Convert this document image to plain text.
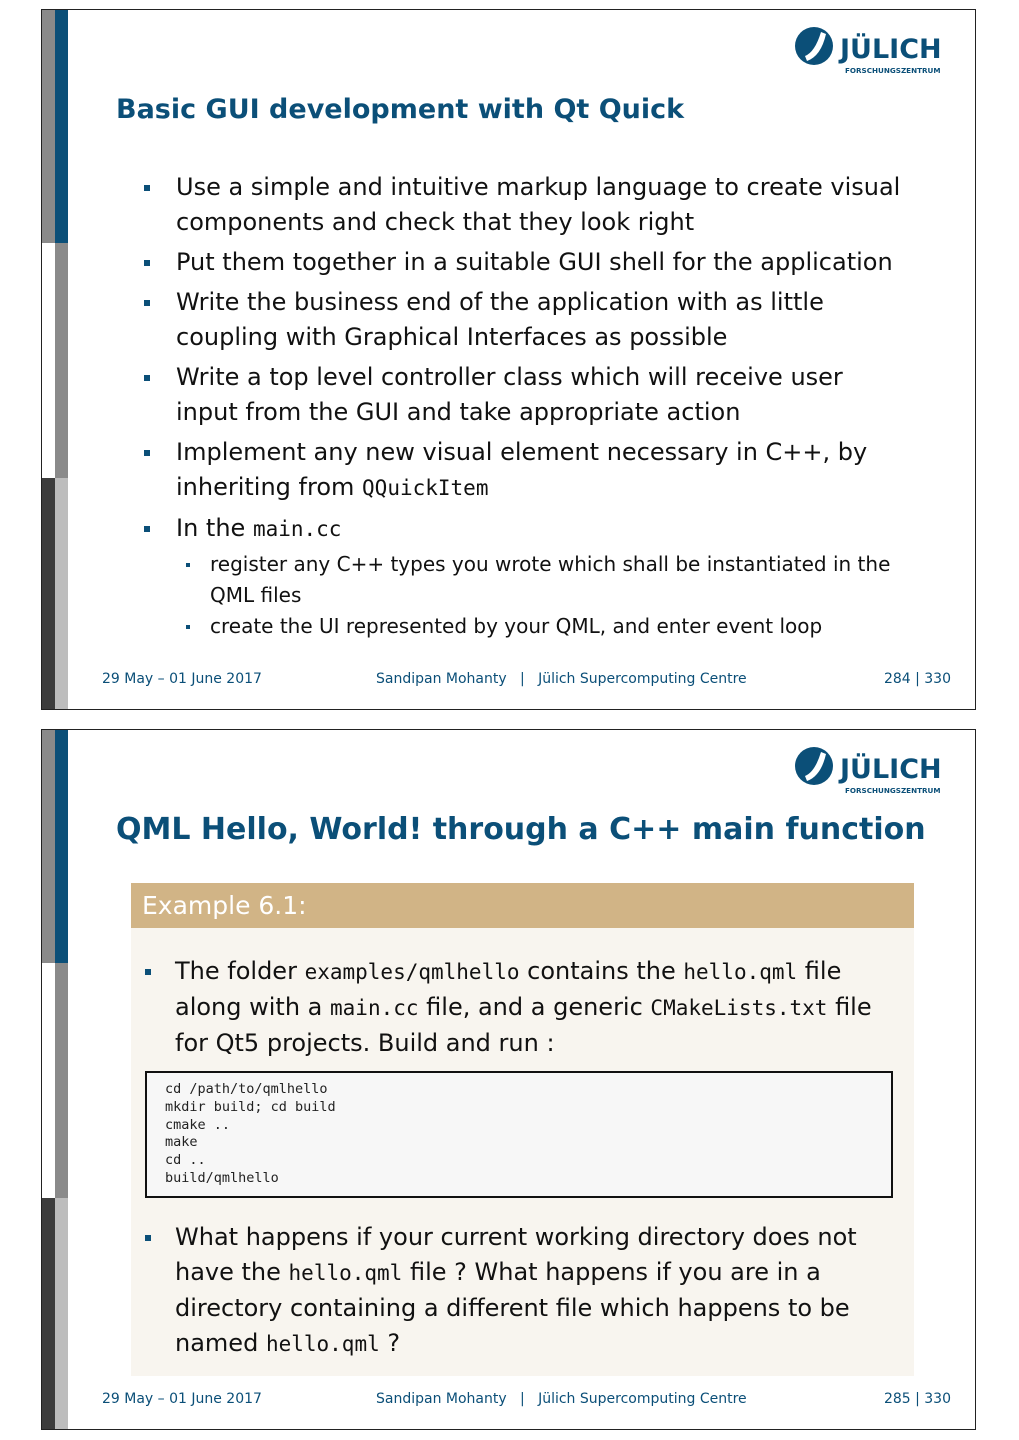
JÜLICH
FORSCHUNGSZENTRUM
Basic GUI development with Qt Quick
Use a simple and intuitive markup language to create visual components and check that they look right
Put them together in a suitable GUI shell for the application
Write the business end of the application with as little coupling with Graphical Interfaces as possible
Write a top level controller class which will receive user input from the GUI and take appropriate action
Implement any new visual element necessary in C++, by inheriting from QQuickItem
In the main.cc
register any C++ types you wrote which shall be instantiated in the QML files
create the UI represented by your QML, and enter event loop
29 May – 01 June 2017	Sandipan Mohanty   |   Jülich Supercomputing Centre	284 | 330
JÜLICH
FORSCHUNGSZENTRUM
QML Hello, World! through a C++ main function
Example 6.1:
The folder examples/qmlhello contains the hello.qml file along with a main.cc file, and a generic CMakeLists.txt file for Qt5 projects. Build and run :
cd /path/to/qmlhello
mkdir build; cd build
cmake ..
make
cd ..
build/qmlhello
What happens if your current working directory does not have the hello.qml file ? What happens if you are in a directory containing a different file which happens to be named hello.qml ?
29 May – 01 June 2017	Sandipan Mohanty   |   Jülich Supercomputing Centre	285 | 330
